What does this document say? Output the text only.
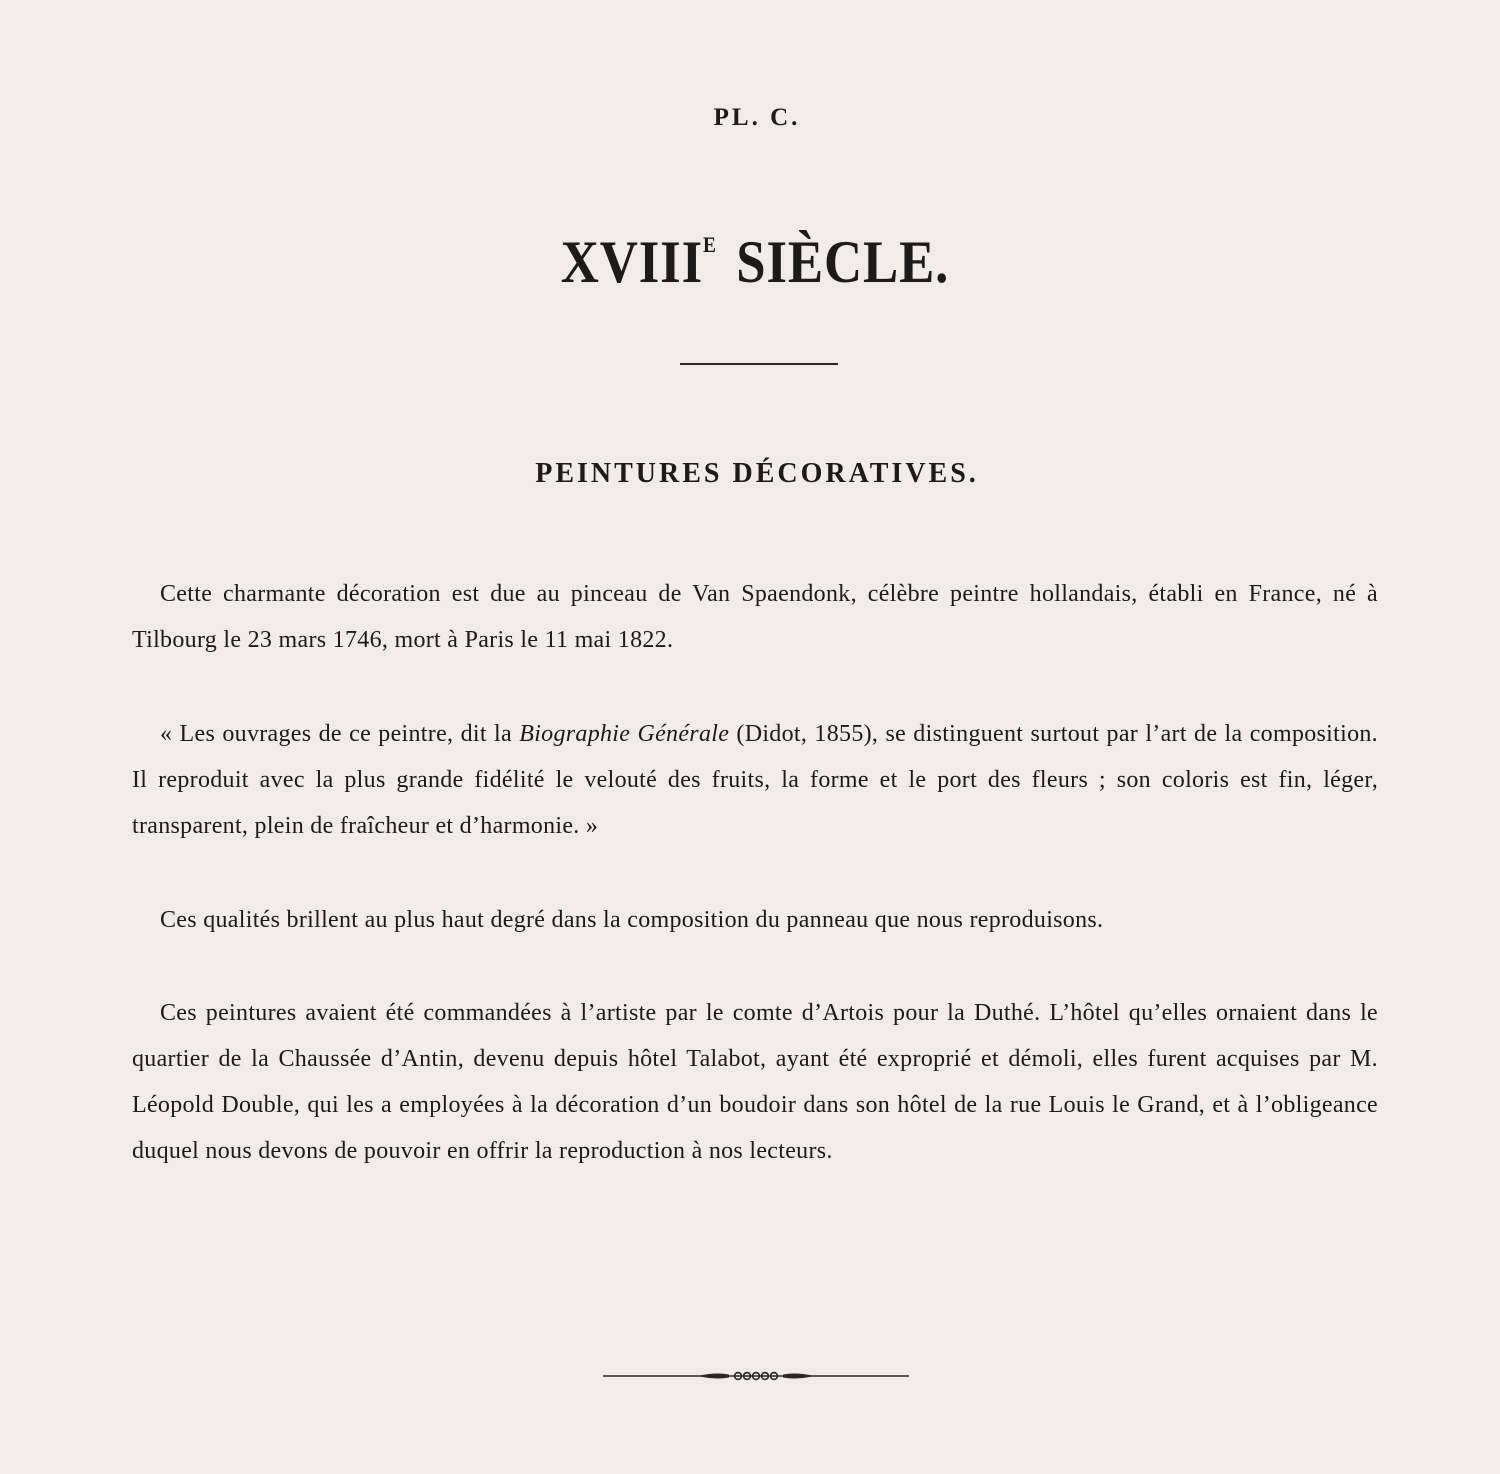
PL. C.
$XVIII^E$ SIÈCLE.
PEINTURES DÉCORATIVES.

Cette charmante décoration est due au pinceau de Van Spaendonk, célèbre peintre hollandais, établi en France, né à Tilbourg le 23 mars 1746, mort à Paris le 11 mai 1822.

« Les ouvrages de ce peintre, dit la Biographie Générale (Didot, 1855), se distinguent surtout par l’art de la composition. Il reproduit avec la plus grande fidélité le velouté des fruits, la forme et le port des fleurs ; son coloris est fin, léger, transparent, plein de fraîcheur et d’harmonie. »

Ces qualités brillent au plus haut degré dans la composition du panneau que nous reproduisons.

Ces peintures avaient été commandées à l’artiste par le comte d’Artois pour la Duthé. L’hôtel qu’elles ornaient dans le quartier de la Chaussée d’Antin, devenu depuis hôtel Talabot, ayant été exproprié et démoli, elles furent acquises par M. Léopold Double, qui les a employées à la décoration d’un boudoir dans son hôtel de la rue Louis le Grand, et à l’obligeance duquel nous devons de pouvoir en offrir la reproduction à nos lecteurs.
